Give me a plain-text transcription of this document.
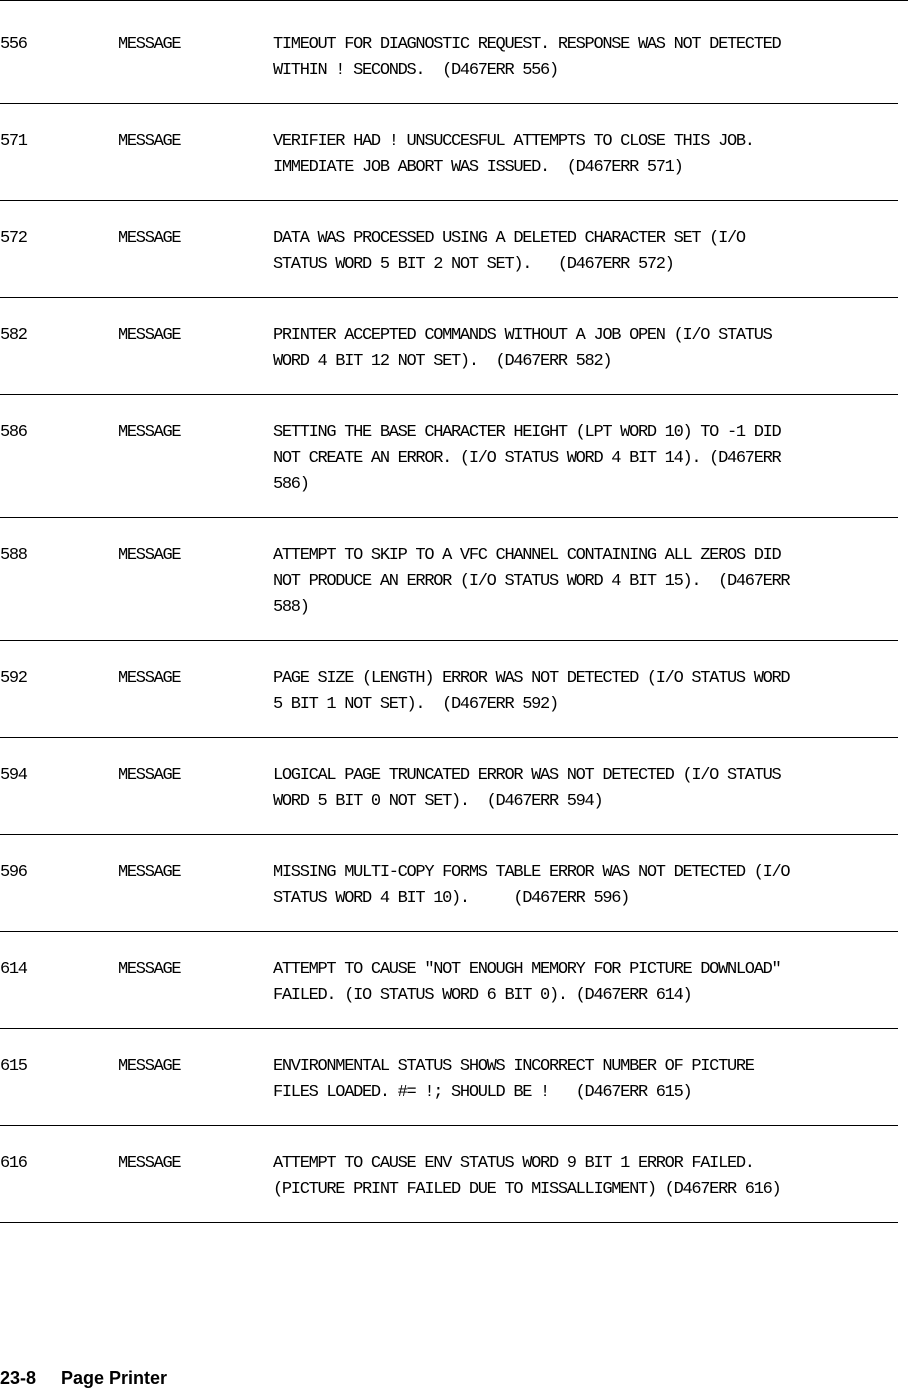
556	MESSAGE	TIMEOUT FOR DIAGNOSTIC REQUEST. RESPONSE WAS NOT DETECTED
WITHIN ! SECONDS.  (D467ERR 556)
571	MESSAGE	VERIFIER HAD ! UNSUCCESFUL ATTEMPTS TO CLOSE THIS JOB.
IMMEDIATE JOB ABORT WAS ISSUED.  (D467ERR 571)
572	MESSAGE	DATA WAS PROCESSED USING A DELETED CHARACTER SET (I/O
STATUS WORD 5 BIT 2 NOT SET).   (D467ERR 572)
582	MESSAGE	PRINTER ACCEPTED COMMANDS WITHOUT A JOB OPEN (I/O STATUS
WORD 4 BIT 12 NOT SET).  (D467ERR 582)
586	MESSAGE	SETTING THE BASE CHARACTER HEIGHT (LPT WORD 10) TO -1 DID
NOT CREATE AN ERROR. (I/O STATUS WORD 4 BIT 14). (D467ERR
586)
588	MESSAGE	ATTEMPT TO SKIP TO A VFC CHANNEL CONTAINING ALL ZEROS DID
NOT PRODUCE AN ERROR (I/O STATUS WORD 4 BIT 15).  (D467ERR
588)
592	MESSAGE	PAGE SIZE (LENGTH) ERROR WAS NOT DETECTED (I/O STATUS WORD
5 BIT 1 NOT SET).  (D467ERR 592)
594	MESSAGE	LOGICAL PAGE TRUNCATED ERROR WAS NOT DETECTED (I/O STATUS
WORD 5 BIT 0 NOT SET).  (D467ERR 594)
596	MESSAGE	MISSING MULTI-COPY FORMS TABLE ERROR WAS NOT DETECTED (I/O
STATUS WORD 4 BIT 10).     (D467ERR 596)
614	MESSAGE	ATTEMPT TO CAUSE "NOT ENOUGH MEMORY FOR PICTURE DOWNLOAD"
FAILED. (IO STATUS WORD 6 BIT 0). (D467ERR 614)
615	MESSAGE	ENVIRONMENTAL STATUS SHOWS INCORRECT NUMBER OF PICTURE
FILES LOADED. #= !; SHOULD BE !   (D467ERR 615)
616	MESSAGE	ATTEMPT TO CAUSE ENV STATUS WORD 9 BIT 1 ERROR FAILED.
(PICTURE PRINT FAILED DUE TO MISSALLIGMENT) (D467ERR 616)
23-8 Page Printer
